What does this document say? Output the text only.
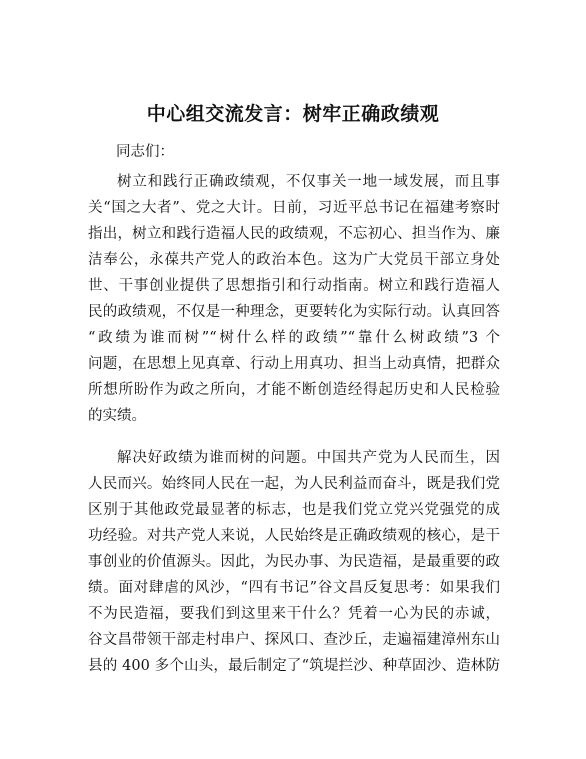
中心组交流发言：树牢正确政绩观
同志们：
树立和践行正确政绩观，不仅事关一地一域发展，而且事
关“国之大者”、党之大计。日前，习近平总书记在福建考察时
指出，树立和践行造福人民的政绩观，不忘初心、担当作为、廉
洁奉公，永葆共产党人的政治本色。这为广大党员干部立身处
世、干事创业提供了思想指引和行动指南。树立和践行造福人
民的政绩观，不仅是一种理念，更要转化为实际行动。认真回答
“政绩为谁而树”“树什么样的政绩”“靠什么树政绩”3 个
问题，在思想上见真章、行动上用真功、担当上动真情，把群众
所想所盼作为政之所向，才能不断创造经得起历史和人民检验
的实绩。
解决好政绩为谁而树的问题。中国共产党为人民而生，因
人民而兴。始终同人民在一起，为人民利益而奋斗，既是我们党
区别于其他政党最显著的标志，也是我们党立党兴党强党的成
功经验。对共产党人来说，人民始终是正确政绩观的核心，是干
事创业的价值源头。因此，为民办事、为民造福，是最重要的政
绩。面对肆虐的风沙，“四有书记”谷文昌反复思考：如果我们
不为民造福，要我们到这里来干什么？凭着一心为民的赤诚，
谷文昌带领干部走村串户、探风口、查沙丘，走遍福建漳州东山
县的 400 多个山头，最后制定了“筑堤拦沙、种草固沙、造林防
